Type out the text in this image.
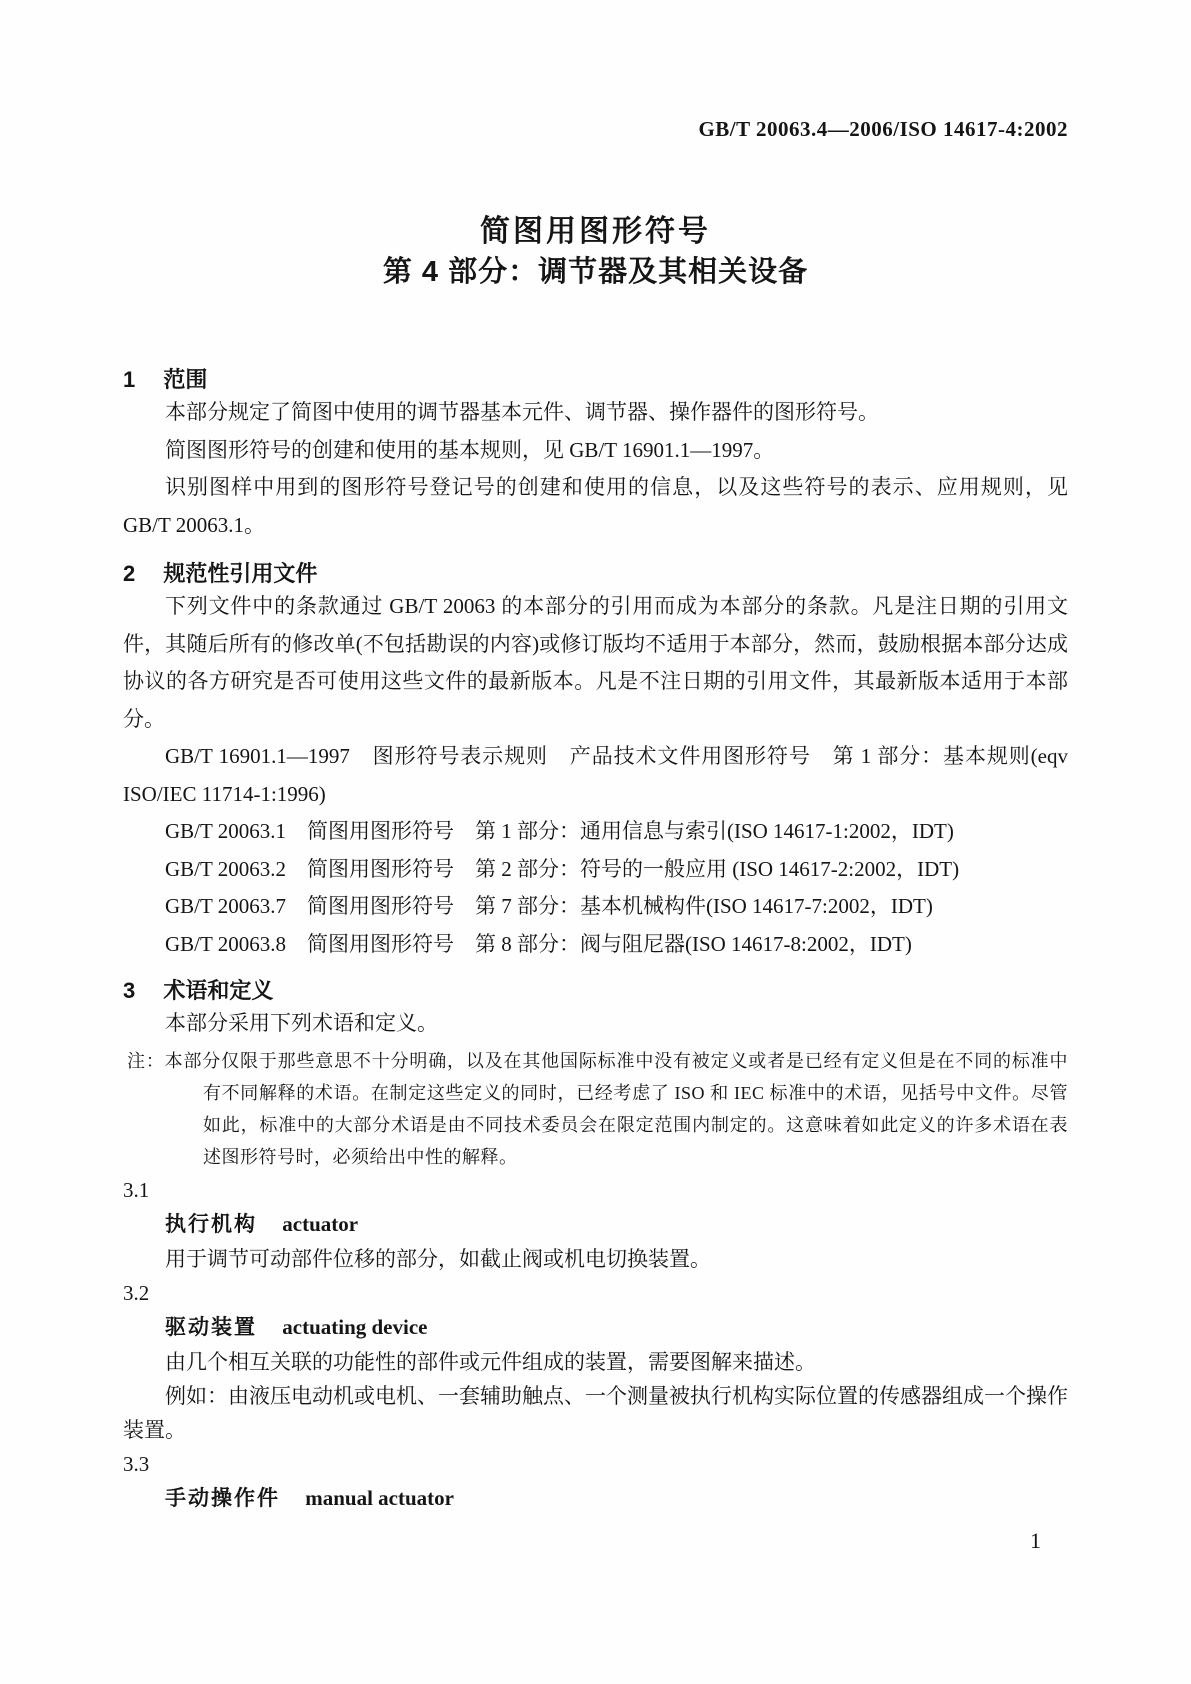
GB/T 20063.4—2006/ISO 14617-4:2002
简图用图形符号
第 4 部分：调节器及其相关设备
1 范围

本部分规定了简图中使用的调节器基本元件、调节器、操作器件的图形符号。

简图图形符号的创建和使用的基本规则，见 GB/T 16901.1—1997。

识别图样中用到的图形符号登记号的创建和使用的信息，以及这些符号的表示、应用规则，见 GB/T 20063.1。

2 规范性引用文件

下列文件中的条款通过 GB/T 20063 的本部分的引用而成为本部分的条款。凡是注日期的引用文件，其随后所有的修改单(不包括勘误的内容)或修订版均不适用于本部分，然而，鼓励根据本部分达成协议的各方研究是否可使用这些文件的最新版本。凡是不注日期的引用文件，其最新版本适用于本部分。

GB/T 16901.1—1997　图形符号表示规则　产品技术文件用图形符号　第 1 部分：基本规则(eqv ISO/IEC 11714-1:1996)

GB/T 20063.1　简图用图形符号　第 1 部分：通用信息与索引(ISO 14617-1:2002，IDT)

GB/T 20063.2　简图用图形符号　第 2 部分：符号的一般应用 (ISO 14617-2:2002，IDT)

GB/T 20063.7　简图用图形符号　第 7 部分：基本机械构件(ISO 14617-7:2002，IDT)

GB/T 20063.8　简图用图形符号　第 8 部分：阀与阻尼器(ISO 14617-8:2002，IDT)

3 术语和定义

本部分采用下列术语和定义。

注：本部分仅限于那些意思不十分明确，以及在其他国际标准中没有被定义或者是已经有定义但是在不同的标准中有不同解释的术语。在制定这些定义的同时，已经考虑了 ISO 和 IEC 标准中的术语，见括号中文件。尽管如此，标准中的大部分术语是由不同技术委员会在限定范围内制定的。这意味着如此定义的许多术语在表述图形符号时，必须给出中性的解释。

3.1
执行机构 actuator

用于调节可动部件位移的部分，如截止阀或机电切换装置。

3.2
驱动装置 actuating device

由几个相互关联的功能性的部件或元件组成的装置，需要图解来描述。

例如：由液压电动机或电机、一套辅助触点、一个测量被执行机构实际位置的传感器组成一个操作装置。

3.3
手动操作件 manual actuator
1
